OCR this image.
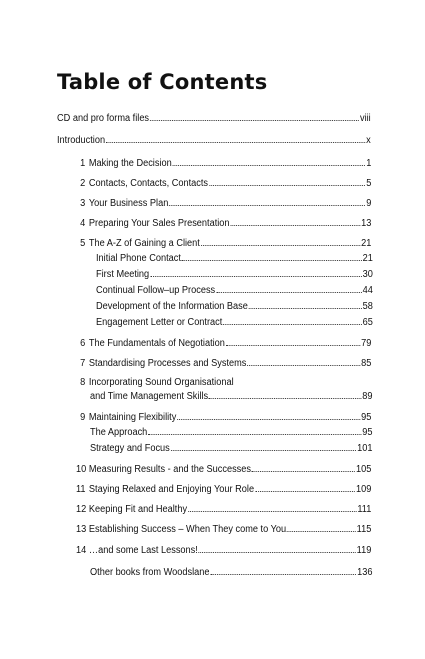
Table of Contents
CD and pro forma files	viii
Introduction	x
1 Making the Decision	1
2 Contacts, Contacts, Contacts	5
3 Your Business Plan	9
4 Preparing Your Sales Presentation	13
5 The A-Z of Gaining a Client	21
Initial Phone Contact	21
First Meeting	30
Continual Follow–up Process	44
Development of the Information Base	58
Engagement Letter or Contract	65
6 The Fundamentals of Negotiation	79
7 Standardising Processes and Systems	85
8 Incorporating Sound Organisational
and Time Management Skills	89
9 Maintaining Flexibility	95
The Approach	95
Strategy and Focus	101
10 Measuring Results - and the Successes	105
11 Staying Relaxed and Enjoying Your Role	109
12 Keeping Fit and Healthy	111
13 Establishing Success – When They come to You	115
14 …and some Last Lessons!	119
Other books from Woodslane	136
